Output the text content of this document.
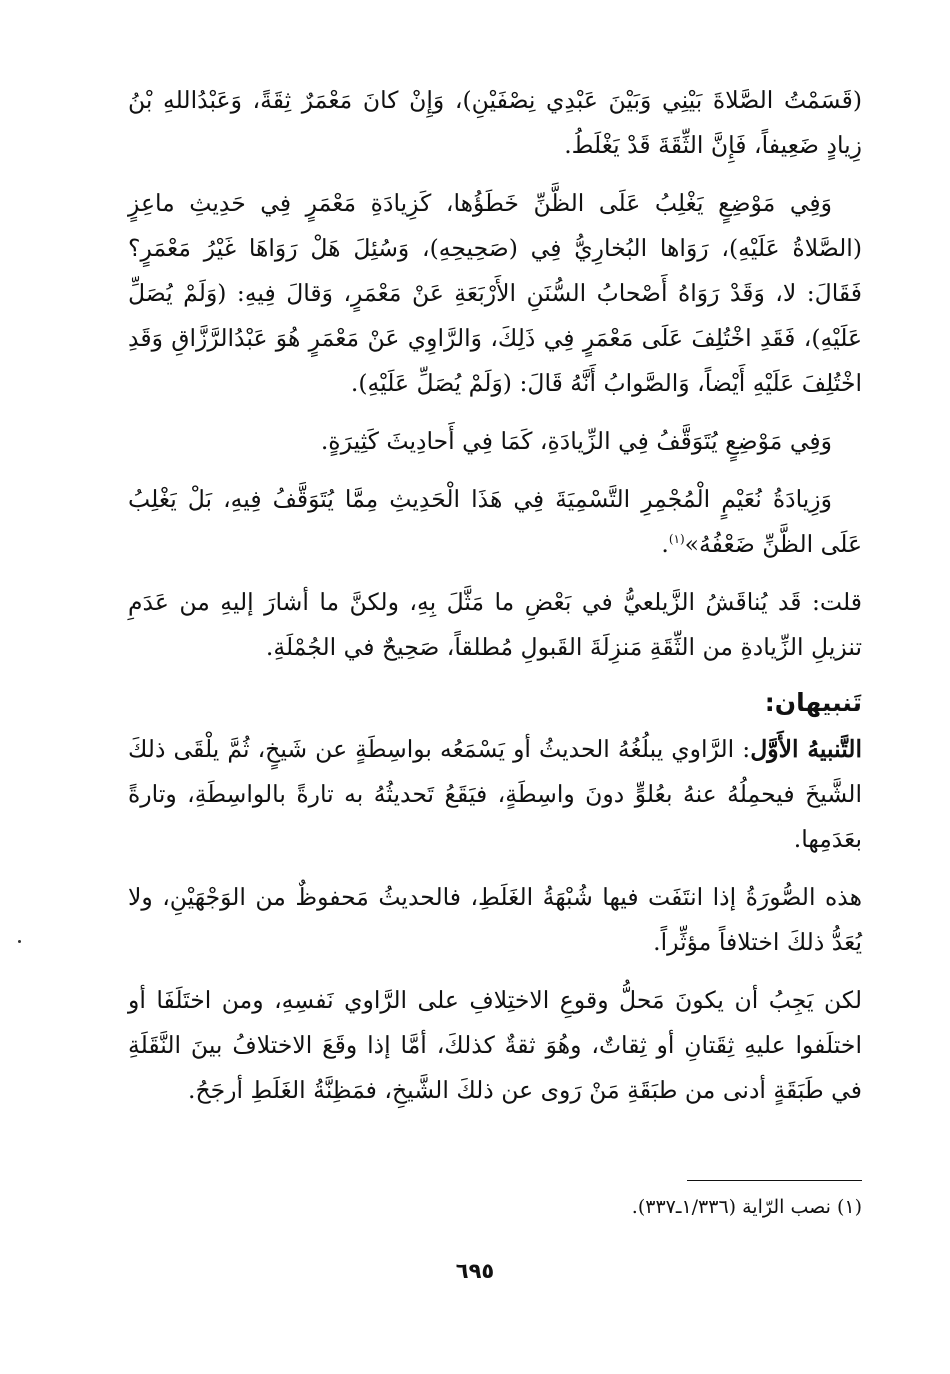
(قَسَمْتُ الصَّلاةَ بَيْنِي وَبَيْنَ عَبْدِي نِصْفَيْنِ)، وَإِنْ كانَ مَعْمَرٌ ثِقَةً، وَعَبْدُاللهِ بْنُ زِيادٍ ضَعِيفاً، فَإِنَّ الثِّقَةَ قَدْ يَغْلَطُ.

وَفِي مَوْضِعٍ يَغْلِبُ عَلَى الظَّنِّ خَطَؤُها، كَزِيادَةِ مَعْمَرٍ فِي حَدِيثِ ماعِزٍ (الصَّلاةُ عَلَيْهِ)، رَوَاها البُخارِيُّ فِي (صَحِيحِهِ)، وَسُئِلَ هَلْ رَوَاهَا غَيْرُ مَعْمَرٍ؟ فَقَالَ: لا، وَقَدْ رَوَاهُ أَصْحابُ السُّنَنِ الأَرْبَعَةِ عَنْ مَعْمَرٍ، وَقالَ فِيهِ: (وَلَمْ يُصَلِّ عَلَيْهِ)، فَقَدِ اخْتُلِفَ عَلَى مَعْمَرٍ فِي ذَلِكَ، وَالرَّاوِي عَنْ مَعْمَرٍ هُوَ عَبْدُالرَّزَّاقِ وَقَدِ اخْتُلِفَ عَلَيْهِ أَيْضاً، وَالصَّوابُ أَنَّهُ قَالَ: (وَلَمْ يُصَلِّ عَلَيْهِ).

وَفِي مَوْضِعٍ يُتَوَقَّفُ فِي الزِّيادَةِ، كَمَا فِي أَحادِيثَ كَثِيرَةٍ.

وَزِيادَةُ نُعَيْمٍ الْمُجْمِرِ التَّسْمِيَةَ فِي هَذَا الْحَدِيثِ مِمَّا يُتَوَقَّفُ فِيهِ، بَلْ يَغْلِبُ عَلَى الظَّنِّ ضَعْفُهُ»$^{(١)}$.

قلت: قَد يُناقَشُ الزَّيلعيُّ في بَعْضِ ما مَثَّلَ بِهِ، ولكنَّ ما أشارَ إليهِ من عَدَمِ تنزيلِ الزِّيادةِ من الثِّقَةِ مَنزِلَةَ القَبولِ مُطلقاً، صَحِيحٌ في الجُمْلَةِ.

تَنبيهان:

التَّنبيهُ الأَوَّل: الرَّاوي يبلُغُهُ الحديثُ أو يَسْمَعُه بواسِطَةٍ عن شَيخٍ، ثُمَّ يلْقَى ذلكَ الشَّيخَ فيحمِلُهُ عنهُ بعُلوٍّ دونَ واسِطَةٍ، فيَقَعُ تَحديثُهُ به تارةً بالواسِطَةِ، وتارةً بعَدَمِها.

هذه الصُّورَةُ إذا انتَفَت فيها شُبْهَةُ الغَلَطِ، فالحديثُ مَحفوظٌ من الوَجْهَيْنِ، ولا يُعَدُّ ذلكَ اختلافاً مؤثِّراً.

لكن يَجِبُ أن يكونَ مَحلُّ وقوعِ الاختِلافِ على الرَّاوي نَفسِهِ، ومن اختَلَفَا أو اختلَفوا عليهِ ثِقَتانِ أو ثِقاتٌ، وهُوَ ثقةٌ كذلكَ، أمَّا إذا وقَعَ الاختلافُ بينَ النَّقَلَةِ في طَبَقَةٍ أدنى من طبَقَةِ مَنْ رَوى عن ذلكَ الشَّيخِ، فمَظِنَّةُ الغَلَطِ أرجَحُ.

(١) نصب الرّاية (١/٣٣٦ـ٣٣٧).
٦٩٥
